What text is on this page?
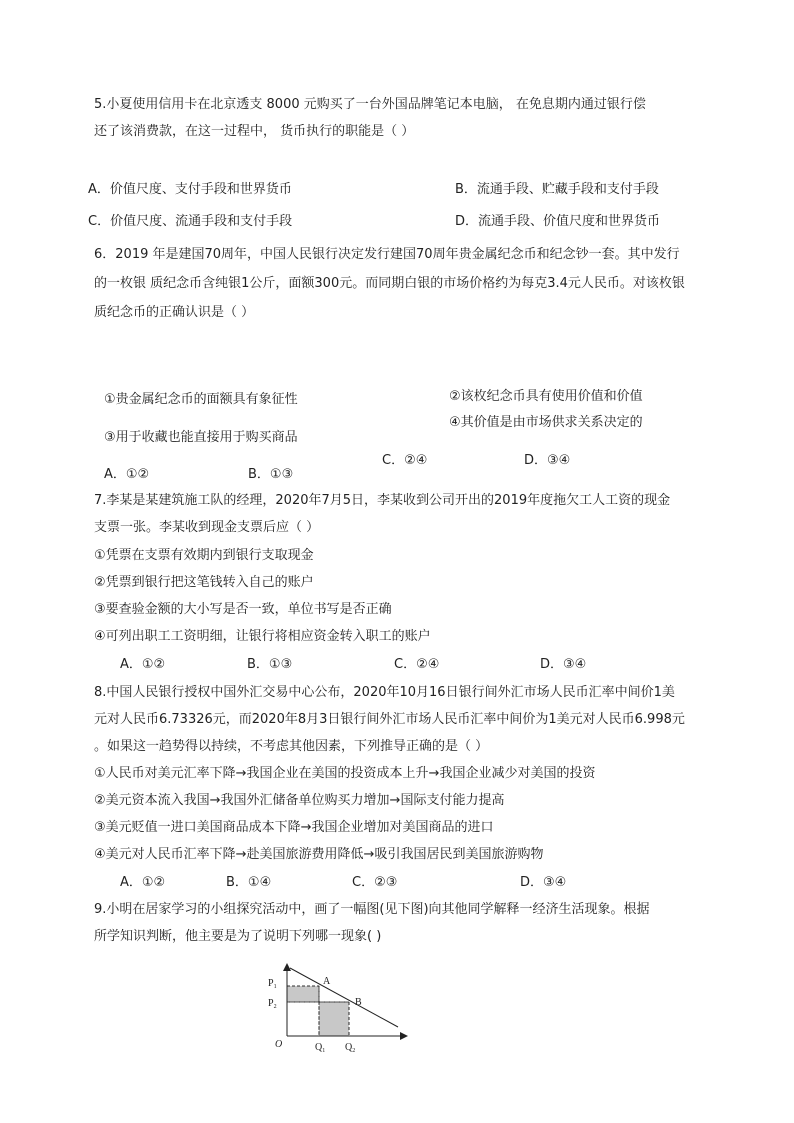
5.小夏使用信用卡在北京透支 8000 元购买了一台外国品牌笔记本电脑， 在免息期内通过银行偿
还了该消费款，在这一过程中， 货币执行的职能是（ ）
A．价值尺度、支付手段和世界货币	B．流通手段、贮藏手段和支付手段
C．价值尺度、流通手段和支付手段	D．流通手段、价值尺度和世界货币
6．2019 年是建国70周年，中国人民银行决定发行建国70周年贵金属纪念币和纪念钞一套。其中发行
的一枚银 质纪念币含纯银1公斤，面额300元。而同期白银的市场价格约为每克3.4元人民币。对该枚银
质纪念币的正确认识是（ ）
①贵金属纪念币的面额具有象征性	②该枚纪念币具有使用价值和价值
③用于收藏也能直接用于购买商品
④其价值是由市场供求关系决定的
A．①②	B．①③
C．②④	D．③④
7.李某是某建筑施工队的经理，2020年7月5日，李某收到公司开出的2019年度拖欠工人工资的现金
支票一张。李某收到现金支票后应（ ）
①凭票在支票有效期内到银行支取现金
②凭票到银行把这笔钱转入自己的账户
③要查验金额的大小写是否一致，单位书写是否正确
④可列出职工工资明细，让银行将相应资金转入职工的账户
A．①②	B．①③	C．②④	D．③④
8.中国人民银行授权中国外汇交易中心公布，2020年10月16日银行间外汇市场人民币汇率中间价1美
元对人民币6.73326元，而2020年8月3日银行间外汇市场人民币汇率中间价为1美元对人民币6.998元
。如果这一趋势得以持续，不考虑其他因素，下列推导正确的是（ ）
①人民币对美元汇率下降→我国企业在美国的投资成本上升→我国企业减少对美国的投资
②美元资本流入我国→我国外汇储备单位购买力增加→国际支付能力提高
③美元贬值一进口美国商品成本下降→我国企业增加对美国商品的进口
④美元对人民币汇率下降→赴美国旅游费用降低→吸引我国居民到美国旅游购物
A．①②	B．①④	C．②③	D．③④
9.小明在居家学习的小组探究活动中，画了一幅图(见下图)向其他同学解释一经济生活现象。根据
所学知识判断，他主要是为了说明下列哪一现象( )
$P_1$
$P_2$
A
B
O	$Q_1$ $Q_2$
